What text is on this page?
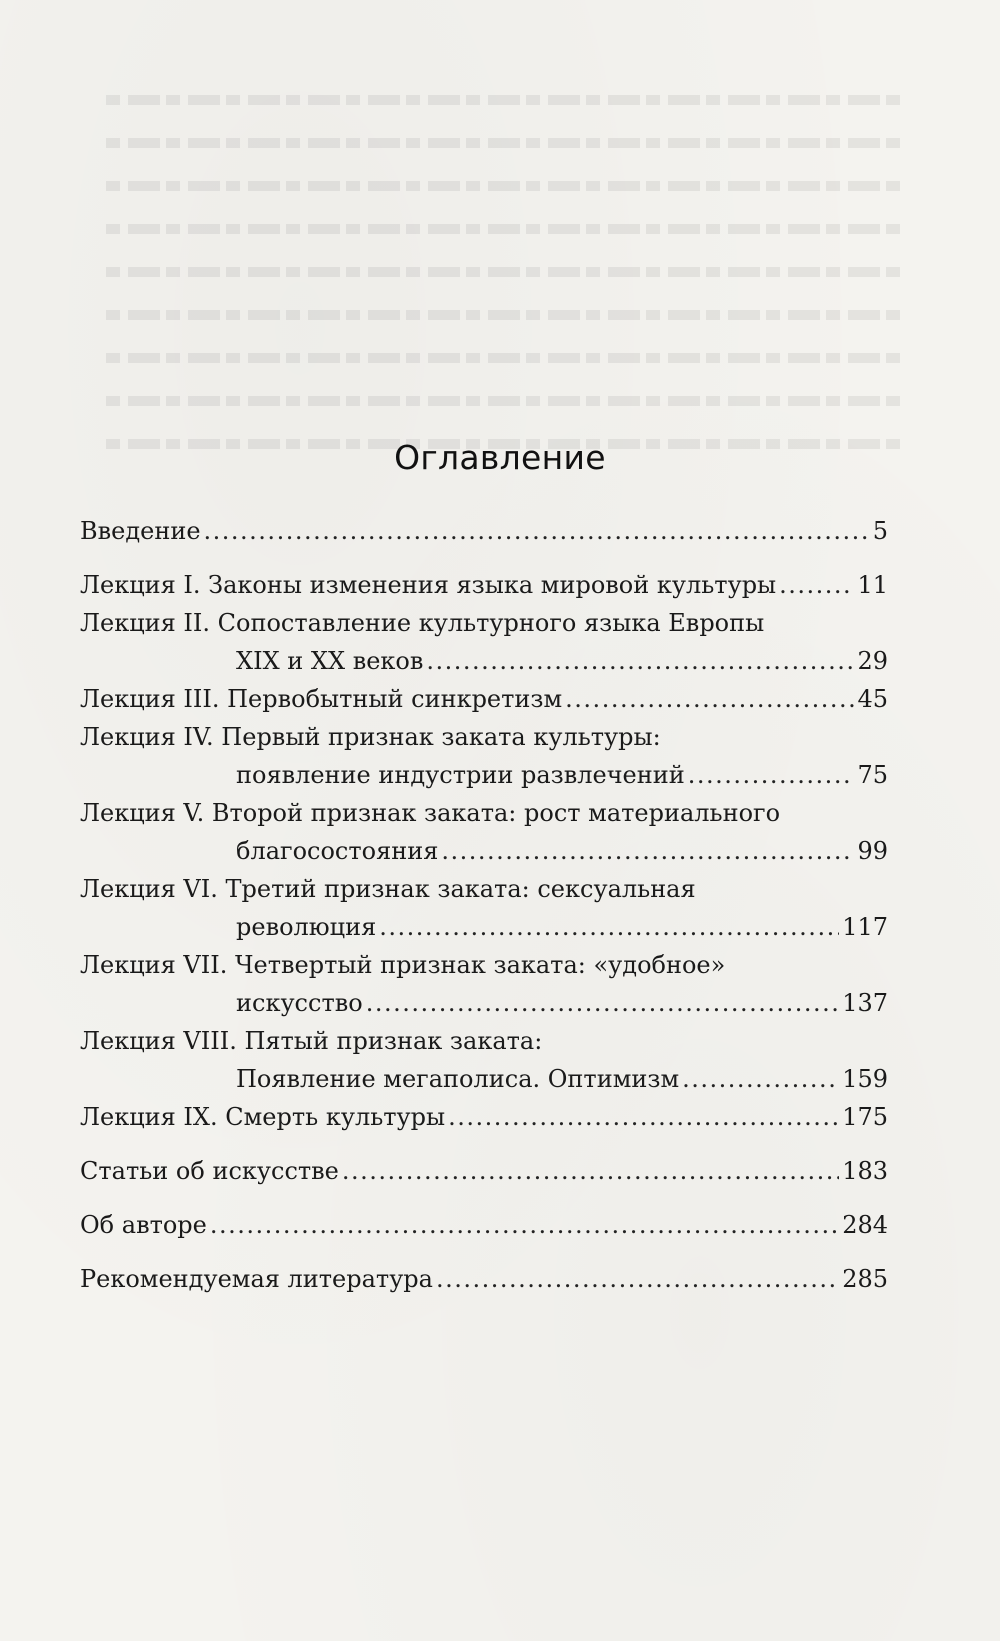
Оглавление
Введение .....	5
Лекция I. Законы изменения языка мировой культуры .....	11
Лекция II. Сопоставление культурного языка Европы
XIX и XX веков .....	29
Лекция III. Первобытный синкретизм .....	45
Лекция IV. Первый признак заката культуры:
появление индустрии развлечений .....	75
Лекция V. Второй признак заката: рост материального
благосостояния .....	99
Лекция VI. Третий признак заката: сексуальная
революция .....	117
Лекция VII. Четвертый признак заката: «удобное»
искусство .....	137
Лекция VIII. Пятый признак заката:
Появление мегаполиса. Оптимизм .....	159
Лекция IX. Смерть культуры .....	175
Статьи об искусстве .....	183
Об авторе .....	284
Рекомендуемая литература .....	285
